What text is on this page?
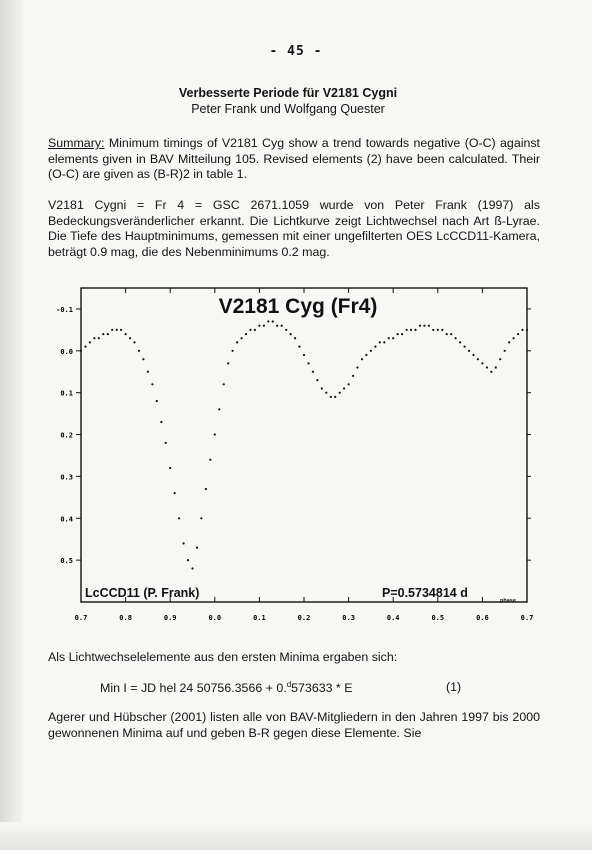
- 45 -
Verbesserte Periode für V2181 Cygni
Peter Frank und Wolfgang Quester
Summary: Minimum timings of V2181 Cyg show a trend towards negative (O-C) against elements given in BAV Mitteilung 105. Revised elements (2) have been calculated. Their (O-C) are given as (B-R)2 in table 1.
V2181 Cygni = Fr 4 = GSC 2671.1059 wurde von Peter Frank (1997) als Bedeckungsveränderlicher erkannt. Die Lichtkurve zeigt Lichtwechsel nach Art ß-Lyrae. Die Tiefe des Hauptminimums, gemessen mit einer ungefilterten OES LcCCD11-Kamera, beträgt 0.9 mag, die des Nebenminimums 0.2 mag.
V2181 Cyg (Fr4)
LcCCD11 (P. Frank)	P=0.5734814 d
phase
0.7	0.8	0.9	0.0	0.1	0.2	0.3	0.4	0.5	0.6	0.7
-0.1
0.0
0.1
0.2
0.3
0.4
0.5
Als Lichtwechselelemente aus den ersten Minima ergaben sich:
Min I = JD hel 24 50756.3566 + 0.$^d$573633 * E	(1)
Agerer und Hübscher (2001) listen alle von BAV-Mitgliedern in den Jahren 1997 bis 2000 gewonnenen Minima auf und geben B-R gegen diese Elemente. Sie
